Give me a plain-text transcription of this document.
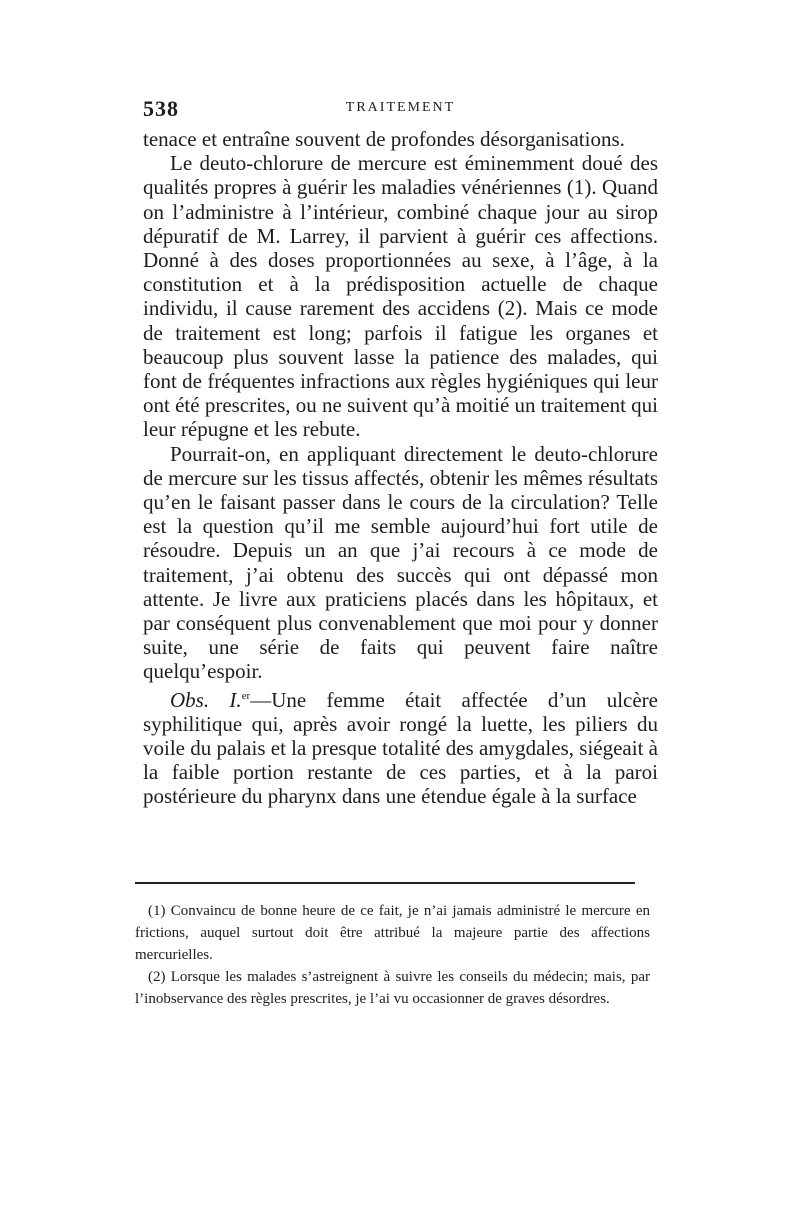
538	TRAITEMENT

tenace et entraîne souvent de profondes désorganisations.

Le deuto-chlorure de mercure est éminemment doué des qualités propres à guérir les maladies vénériennes (1). Quand on l’administre à l’intérieur, combiné chaque jour au sirop dépuratif de M. Larrey, il parvient à guérir ces affections. Donné à des doses proportionnées au sexe, à l’âge, à la constitution et à la prédisposition actuelle de chaque individu, il cause rarement des accidens (2). Mais ce mode de traitement est long; parfois il fatigue les organes et beaucoup plus souvent lasse la patience des malades, qui font de fréquentes infractions aux règles hygiéniques qui leur ont été prescrites, ou ne suivent qu’à moitié un traitement qui leur répugne et les rebute.

Pourrait-on, en appliquant directement le deuto-chlorure de mercure sur les tissus affectés, obtenir les mêmes résultats qu’en le faisant passer dans le cours de la circulation? Telle est la question qu’il me semble aujourd’hui fort utile de résoudre. Depuis un an que j’ai recours à ce mode de traitement, j’ai obtenu des succès qui ont dépassé mon attente. Je livre aux praticiens placés dans les hôpitaux, et par conséquent plus convenablement que moi pour y donner suite, une série de faits qui peuvent faire naître quelqu’espoir.

Obs. I.$^{er}$—Une femme était affectée d’un ulcère syphilitique qui, après avoir rongé la luette, les piliers du voile du palais et la presque totalité des amygdales, siégeait à la faible portion restante de ces parties, et à la paroi postérieure du pharynx dans une étendue égale à la surface

(1) Convaincu de bonne heure de ce fait, je n’ai jamais administré le mercure en frictions, auquel surtout doit être attribué la majeure partie des affections mercurielles.

(2) Lorsque les malades s’astreignent à suivre les conseils du médecin; mais, par l’inobservance des règles prescrites, je l’ai vu occasionner de graves désordres.
